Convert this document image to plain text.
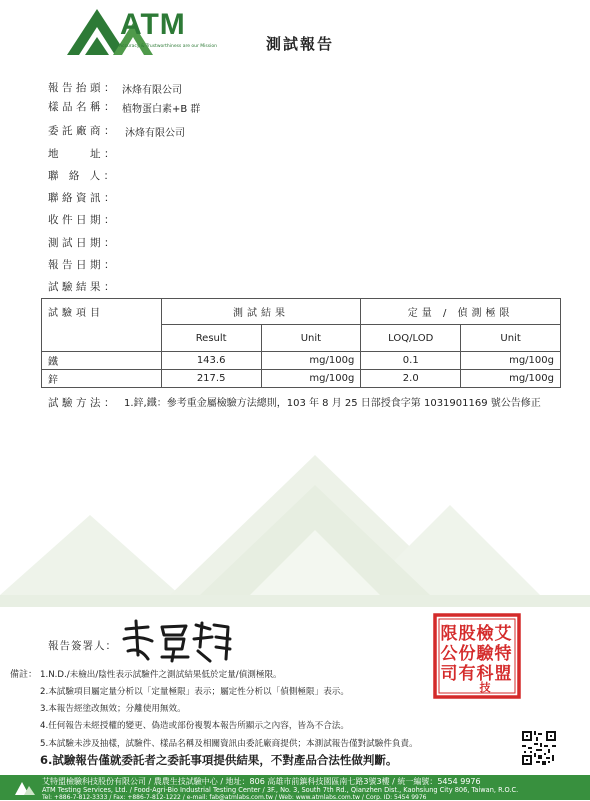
ATM
Accuracy & Trustworthiness are our Mission	測試報告
報告抬頭： 沐烽有限公司
樣品名稱： 植物蛋白素+B 群
委託廠商： 沐烽有限公司
地　　址：
聯 絡 人：
聯絡資訊：
收件日期：
測試日期：
報告日期：
試驗結果：
試驗項目	測試結果		定量 / 偵測極限	
	Result	Unit	LOQ/LOD	Unit
鐵	143.6	mg/100g	0.1	mg/100g
鋅	217.5	mg/100g	2.0	mg/100g
試驗方法： 1.鋅,鐵：參考重金屬檢驗方法總則，103 年 8 月 25 日部授食字第 1031901169 號公告修正
報告簽署人：
艾
特
盟
檢
驗
科
技
股
份
有
限
公
司
備註： 1.N.D./未檢出/陰性表示試驗件之測試結果低於定量/偵測極限。
2.本試驗項目屬定量分析以「定量極限」表示；屬定性分析以「偵側極限」表示。
3.本報告經塗改無效；分離使用無效。
4.任何報告未經授權的變更、偽造或部份複製本報告所顯示之內容，皆為不合法。
5.本試驗未涉及抽樣，試驗件、樣品名稱及相關資訊由委託廠商提供；本測試報告僅對試驗件負責。
6.試驗報告僅就委託者之委託事項提供結果，不對產品合法性做判斷。
艾特盟檢驗科技股份有限公司 / 農農生技試驗中心 / 地址：806 高雄市前鎮科技園區南七路3號3樓 / 統一編號：5454 9976
ATM Testing Services, Ltd. / Food-Agri-Bio Industrial Testing Center / 3F., No. 3, South 7th Rd., Qianzhen Dist., Kaohsiung City 806, Taiwan, R.O.C.
Tel: +886-7-812-3333 / Fax: +886-7-812-1222 / e-mail: fab@atmlabs.com.tw / Web: www.atmlabs.com.tw / Corp. ID: 5454 9976
